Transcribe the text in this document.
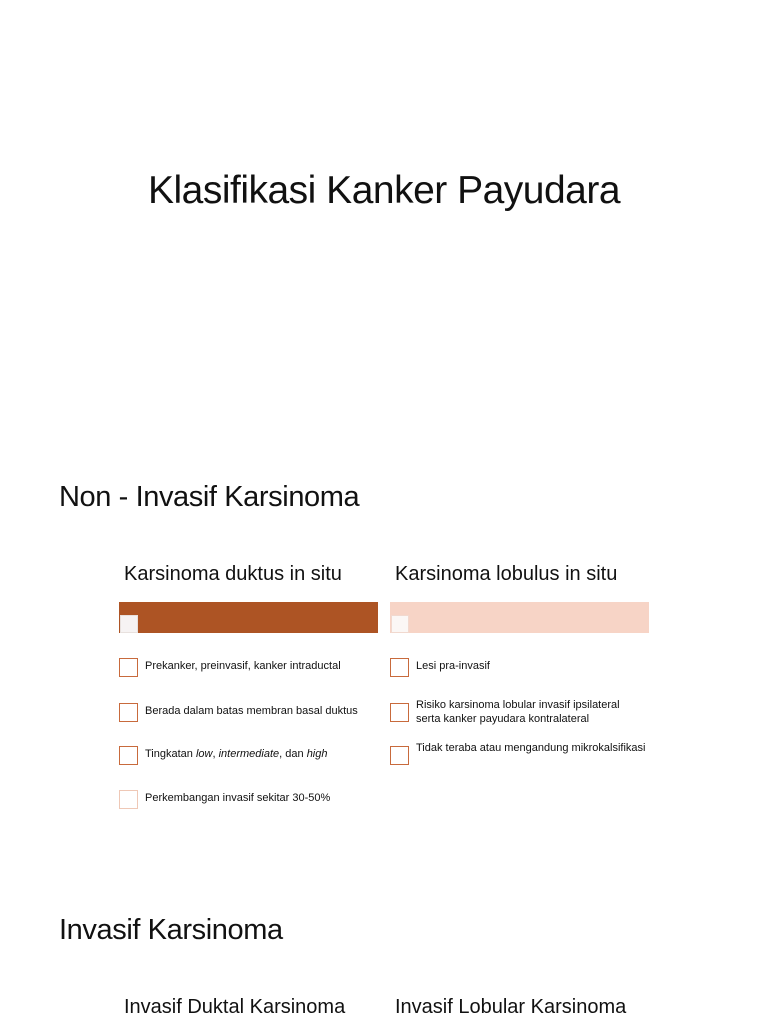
Klasifikasi Kanker Payudara
Non - Invasif Karsinoma
Karsinoma duktus in situ	Karsinoma lobulus in situ
Prekanker, preinvasif, kanker intraductal
Berada dalam batas membran basal duktus
Tingkatan low, intermediate, dan high
Perkembangan invasif sekitar 30-50%
Lesi pra-invasif
Risiko karsinoma lobular invasif ipsilateral serta kanker payudara kontralateral
Tidak teraba atau mengandung mikrokalsifikasi
Invasif Karsinoma
Invasif Duktal Karsinoma Invasif Lobular Karsinoma
